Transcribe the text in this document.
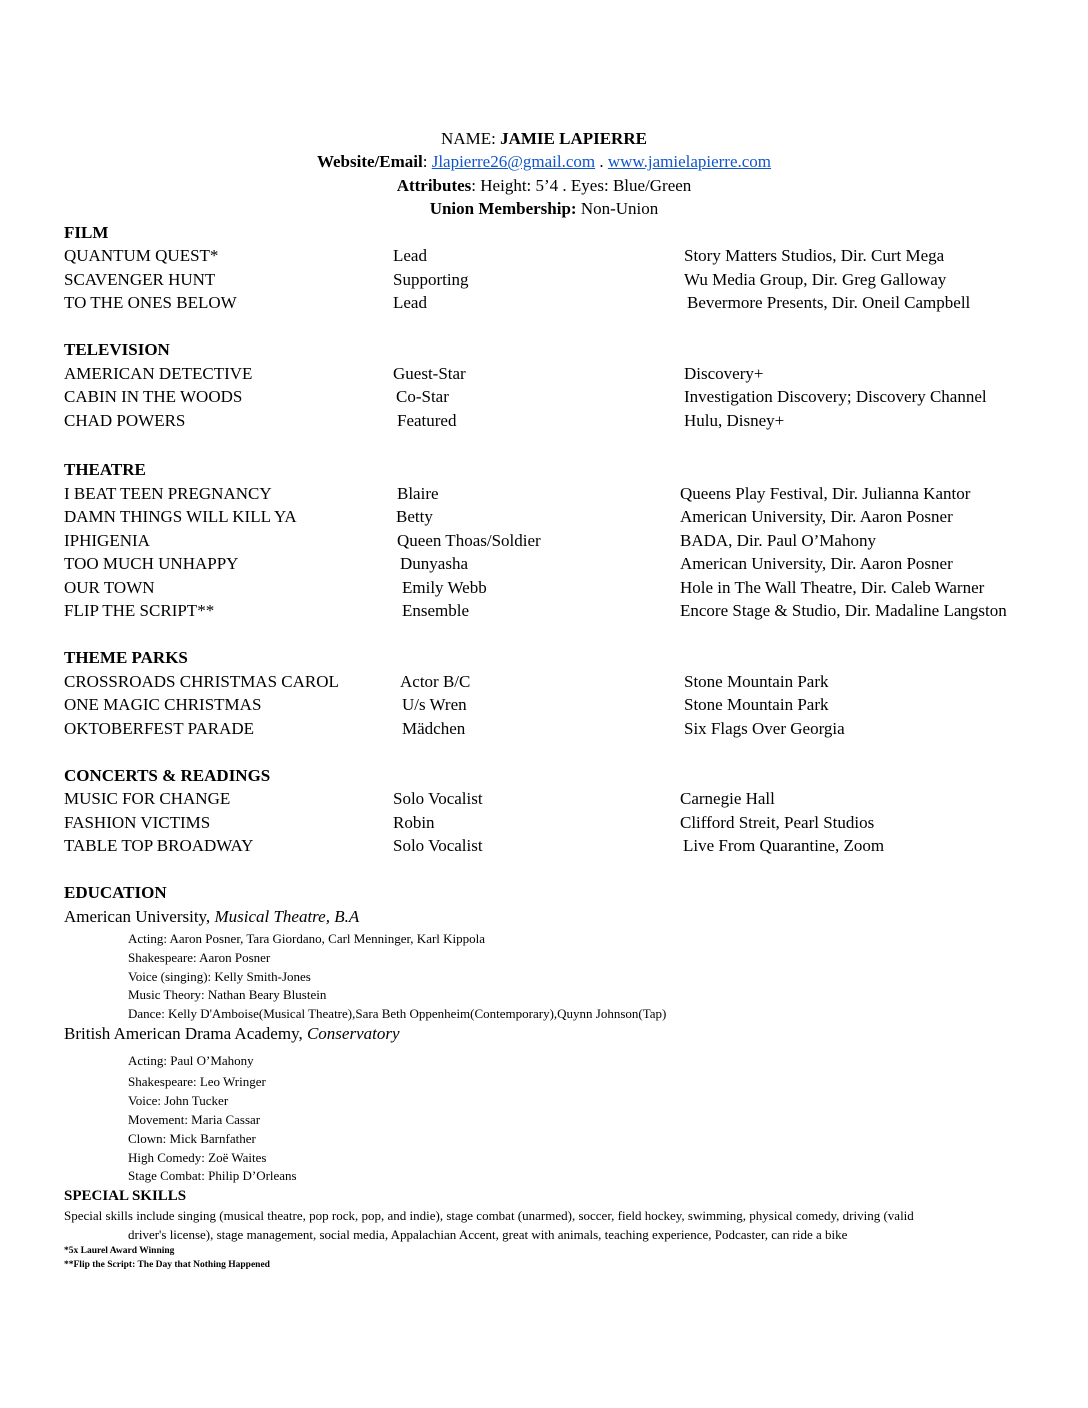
NAME: JAMIE LAPIERRE
Website/Email: Jlapierre26@gmail.com . www.jamielapierre.com
Attributes: Height: 5’4 . Eyes: Blue/Green
Union Membership: Non-Union
FILM
QUANTUM QUEST*	Lead	Story Matters Studios, Dir. Curt Mega
SCAVENGER HUNT	Supporting	Wu Media Group, Dir. Greg Galloway
TO THE ONES BELOW	Lead	Bevermore Presents, Dir. Oneil Campbell
TELEVISION
AMERICAN DETECTIVE	Guest-Star	Discovery+
CABIN IN THE WOODS	Co-Star	Investigation Discovery; Discovery Channel
CHAD POWERS	Featured	Hulu, Disney+
THEATRE
I BEAT TEEN PREGNANCY	Blaire	Queens Play Festival, Dir. Julianna Kantor
DAMN THINGS WILL KILL YA	Betty	American University, Dir. Aaron Posner
IPHIGENIA	Queen Thoas/Soldier	BADA, Dir. Paul O’Mahony
TOO MUCH UNHAPPY	Dunyasha	American University, Dir. Aaron Posner
OUR TOWN	Emily Webb	Hole in The Wall Theatre, Dir. Caleb Warner
FLIP THE SCRIPT**	Ensemble	Encore Stage & Studio, Dir. Madaline Langston
THEME PARKS
CROSSROADS CHRISTMAS CAROL	Actor B/C	Stone Mountain Park
ONE MAGIC CHRISTMAS	U/s Wren	Stone Mountain Park
OKTOBERFEST PARADE	Mädchen	Six Flags Over Georgia
CONCERTS & READINGS
MUSIC FOR CHANGE	Solo Vocalist	Carnegie Hall
FASHION VICTIMS	Robin	Clifford Streit, Pearl Studios
TABLE TOP BROADWAY	Solo Vocalist	Live From Quarantine, Zoom
EDUCATION
American University, Musical Theatre, B.A
Acting: Aaron Posner, Tara Giordano, Carl Menninger, Karl Kippola
Shakespeare: Aaron Posner
Voice (singing): Kelly Smith-Jones
Music Theory: Nathan Beary Blustein
Dance: Kelly D'Amboise(Musical Theatre),Sara Beth Oppenheim(Contemporary),Quynn Johnson(Tap)
British American Drama Academy, Conservatory
Acting: Paul O’Mahony
Shakespeare: Leo Wringer
Voice: John Tucker
Movement: Maria Cassar
Clown: Mick Barnfather
High Comedy: Zoë Waites
Stage Combat: Philip D’Orleans
SPECIAL SKILLS
Special skills include singing (musical theatre, pop rock, pop, and indie), stage combat (unarmed), soccer, field hockey, swimming, physical comedy, driving (valid
driver's license), stage management, social media, Appalachian Accent, great with animals, teaching experience, Podcaster, can ride a bike
*5x Laurel Award Winning
**Flip the Script: The Day that Nothing Happened
